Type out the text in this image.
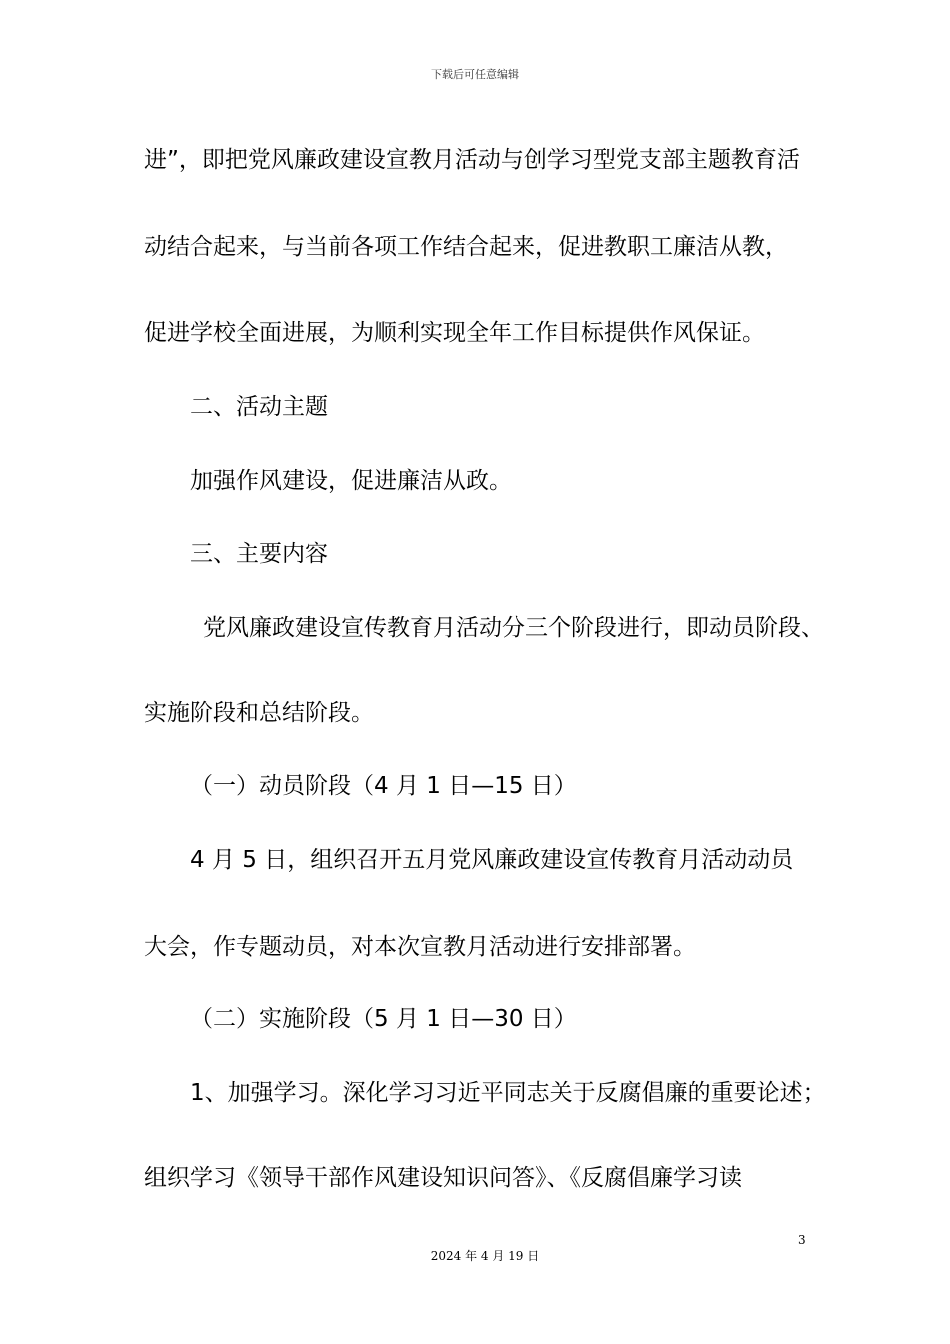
下载后可任意编辑
进”，即把党风廉政建设宣教月活动与创学习型党支部主题教育活
动结合起来，与当前各项工作结合起来，促进教职工廉洁从教，
促进学校全面进展，为顺利实现全年工作目标提供作风保证。
二、活动主题
加强作风建设，促进廉洁从政。
三、主要内容
党风廉政建设宣传教育月活动分三个阶段进行，即动员阶段、
实施阶段和总结阶段。
（一）动员阶段（4 月 1 日—15 日）
4 月 5 日，组织召开五月党风廉政建设宣传教育月活动动员
大会，作专题动员，对本次宣教月活动进行安排部署。
（二）实施阶段（5 月 1 日—30 日）
1、加强学习。深化学习习近平同志关于反腐倡廉的重要论述；
组织学习《领导干部作风建设知识问答》、《反腐倡廉学习读
3
2024 年 4 月 19 日
